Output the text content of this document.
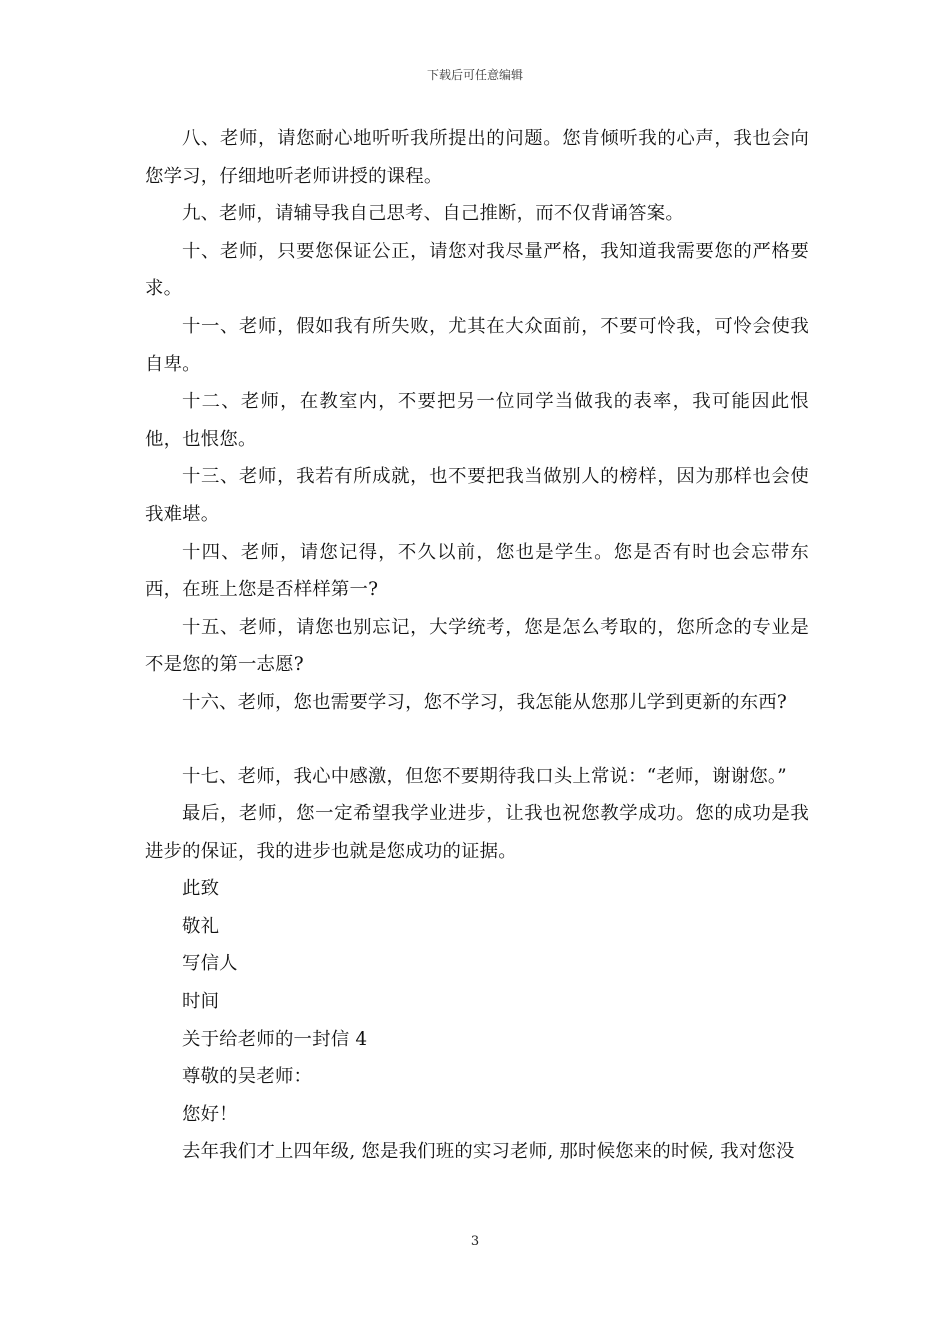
下载后可任意编辑

八、老师，请您耐心地听听我所提出的问题。您肯倾听我的心声，我也会向您学习，仔细地听老师讲授的课程。

九、老师，请辅导我自己思考、自己推断，而不仅背诵答案。

十、老师，只要您保证公正，请您对我尽量严格，我知道我需要您的严格要求。

十一、老师，假如我有所失败，尤其在大众面前，不要可怜我，可怜会使我自卑。

十二、老师，在教室内，不要把另一位同学当做我的表率，我可能因此恨他，也恨您。

十三、老师，我若有所成就，也不要把我当做别人的榜样，因为那样也会使我难堪。

十四、老师，请您记得，不久以前，您也是学生。您是否有时也会忘带东西，在班上您是否样样第一?

十五、老师，请您也别忘记，大学统考，您是怎么考取的，您所念的专业是不是您的第一志愿?

十六、老师，您也需要学习，您不学习，我怎能从您那儿学到更新的东西?

十七、老师，我心中感激，但您不要期待我口头上常说：“老师，谢谢您。”

最后，老师，您一定希望我学业进步，让我也祝您教学成功。您的成功是我进步的保证，我的进步也就是您成功的证据。

此致

敬礼

写信人

时间

关于给老师的一封信 4

尊敬的吴老师：

您好！

去年我们才上四年级, 您是我们班的实习老师, 那时候您来的时候, 我对您没

3
